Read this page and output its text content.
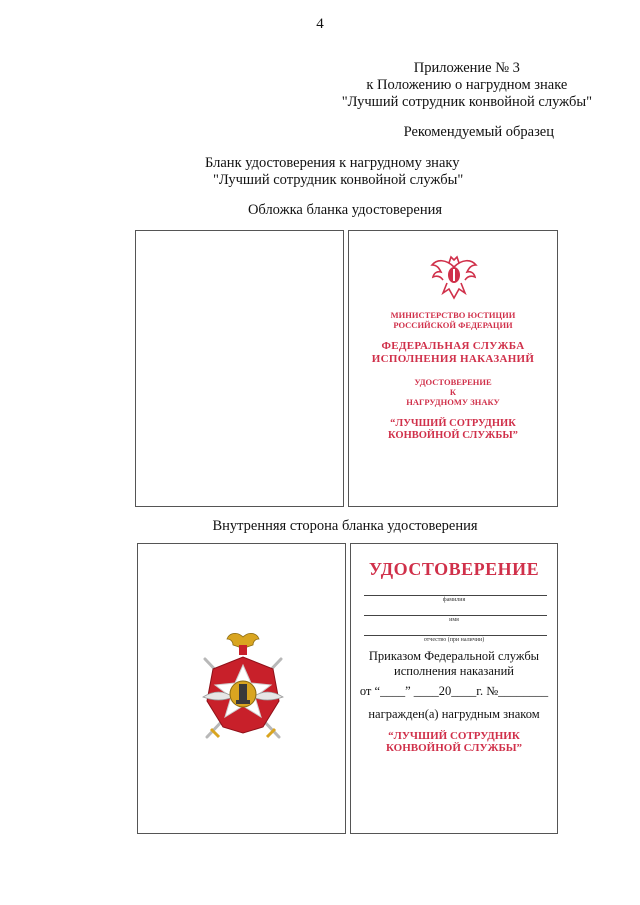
4
Приложение № 3
к Положению о нагрудном знаке
"Лучший сотрудник конвойной службы"
Рекомендуемый образец
Бланк удостоверения к нагрудному знаку
"Лучший сотрудник конвойной службы"
Обложка бланка удостоверения
МИНИСТЕРСТВО ЮСТИЦИИ
РОССИЙСКОЙ ФЕДЕРАЦИИ
ФЕДЕРАЛЬНАЯ СЛУЖБА
ИСПОЛНЕНИЯ НАКАЗАНИЙ
УДОСТОВЕРЕНИЕ
К
НАГРУДНОМУ ЗНАКУ
“ЛУЧШИЙ СОТРУДНИК
КОНВОЙНОЙ СЛУЖБЫ”
Внутренняя сторона бланка удостоверения
УДОСТОВЕРЕНИЕ
фамилия
имя
отчество (при наличии)
Приказом Федеральной службы
исполнения наказаний
от “____” ____20____г. №________
награжден(а) нагрудным знаком
“ЛУЧШИЙ СОТРУДНИК
КОНВОЙНОЙ СЛУЖБЫ”
